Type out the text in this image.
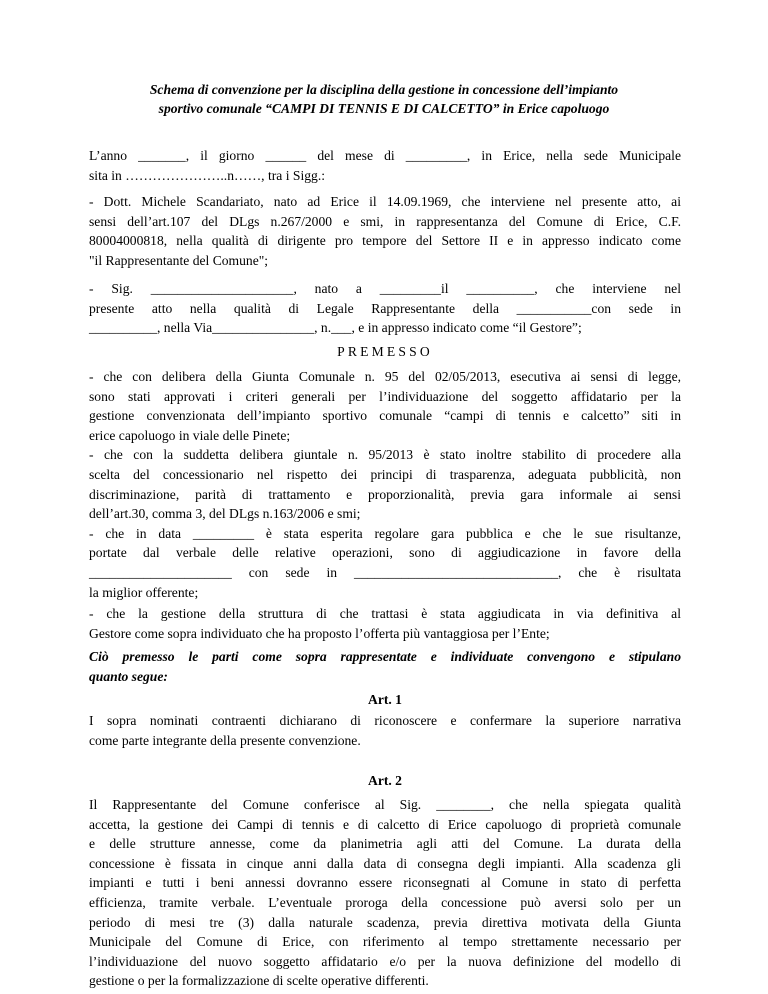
Schema di convenzione per la disciplina della gestione in concessione dell’impianto
sportivo comunale “CAMPI DI TENNIS E DI CALCETTO” in Erice capoluogo
L’anno _______, il giorno ______ del mese di _________, in Erice, nella sede Municipale
sita in …………………..n……, tra i Sigg.:
- Dott. Michele Scandariato, nato ad Erice il 14.09.1969, che interviene nel presente atto, ai
sensi dell’art.107 del DLgs n.267/2000 e smi, in rappresentanza del Comune di Erice, C.F.
80004000818, nella qualità di dirigente pro tempore del Settore II e in appresso indicato come
"il Rappresentante del Comune";
- Sig. _____________________, nato a _________il __________, che interviene nel
presente atto nella qualità di Legale Rappresentante della ___________con sede in
__________, nella Via_______________, n.___, e in appresso indicato come “il Gestore”;
PREMESSO
- che con delibera della Giunta Comunale n. 95 del 02/05/2013, esecutiva ai sensi di legge,
sono stati approvati i criteri generali per l’individuazione del soggetto affidatario per la
gestione convenzionata dell’impianto sportivo comunale “campi di tennis e calcetto” siti in
erice capoluogo in viale delle Pinete;
- che con la suddetta delibera giuntale n. 95/2013 è stato inoltre stabilito di procedere alla
scelta del concessionario nel rispetto dei principi di trasparenza, adeguata pubblicità, non
discriminazione, parità di trattamento e proporzionalità, previa gara informale ai sensi
dell’art.30, comma 3, del DLgs n.163/2006 e smi;
- che in data _________ è stata esperita regolare gara pubblica e che le sue risultanze,
portate dal verbale delle relative operazioni, sono di aggiudicazione in favore della
_____________________ con sede in ______________________________, che è risultata
la miglior offerente;
- che la gestione della struttura di che trattasi è stata aggiudicata in via definitiva al
Gestore come sopra individuato che ha proposto l’offerta più vantaggiosa per l’Ente;
Ciò premesso le parti come sopra rappresentate e individuate convengono e stipulano
quanto segue:
Art. 1
I sopra nominati contraenti dichiarano di riconoscere e confermare la superiore narrativa
come parte integrante della presente convenzione.
Art. 2
Il Rappresentante del Comune conferisce al Sig. ________, che nella spiegata qualità
accetta, la gestione dei Campi di tennis e di calcetto di Erice capoluogo di proprietà comunale
e delle strutture annesse, come da planimetria agli atti del Comune. La durata della
concessione è fissata in cinque anni dalla data di consegna degli impianti. Alla scadenza gli
impianti e tutti i beni annessi dovranno essere riconsegnati al Comune in stato di perfetta
efficienza, tramite verbale. L’eventuale proroga della concessione può aversi solo per un
periodo di mesi tre (3) dalla naturale scadenza, previa direttiva motivata della Giunta
Municipale del Comune di Erice, con riferimento al tempo strettamente necessario per
l’individuazione del nuovo soggetto affidatario e/o per la nuova definizione del modello di
gestione o per la formalizzazione di scelte operative differenti.
